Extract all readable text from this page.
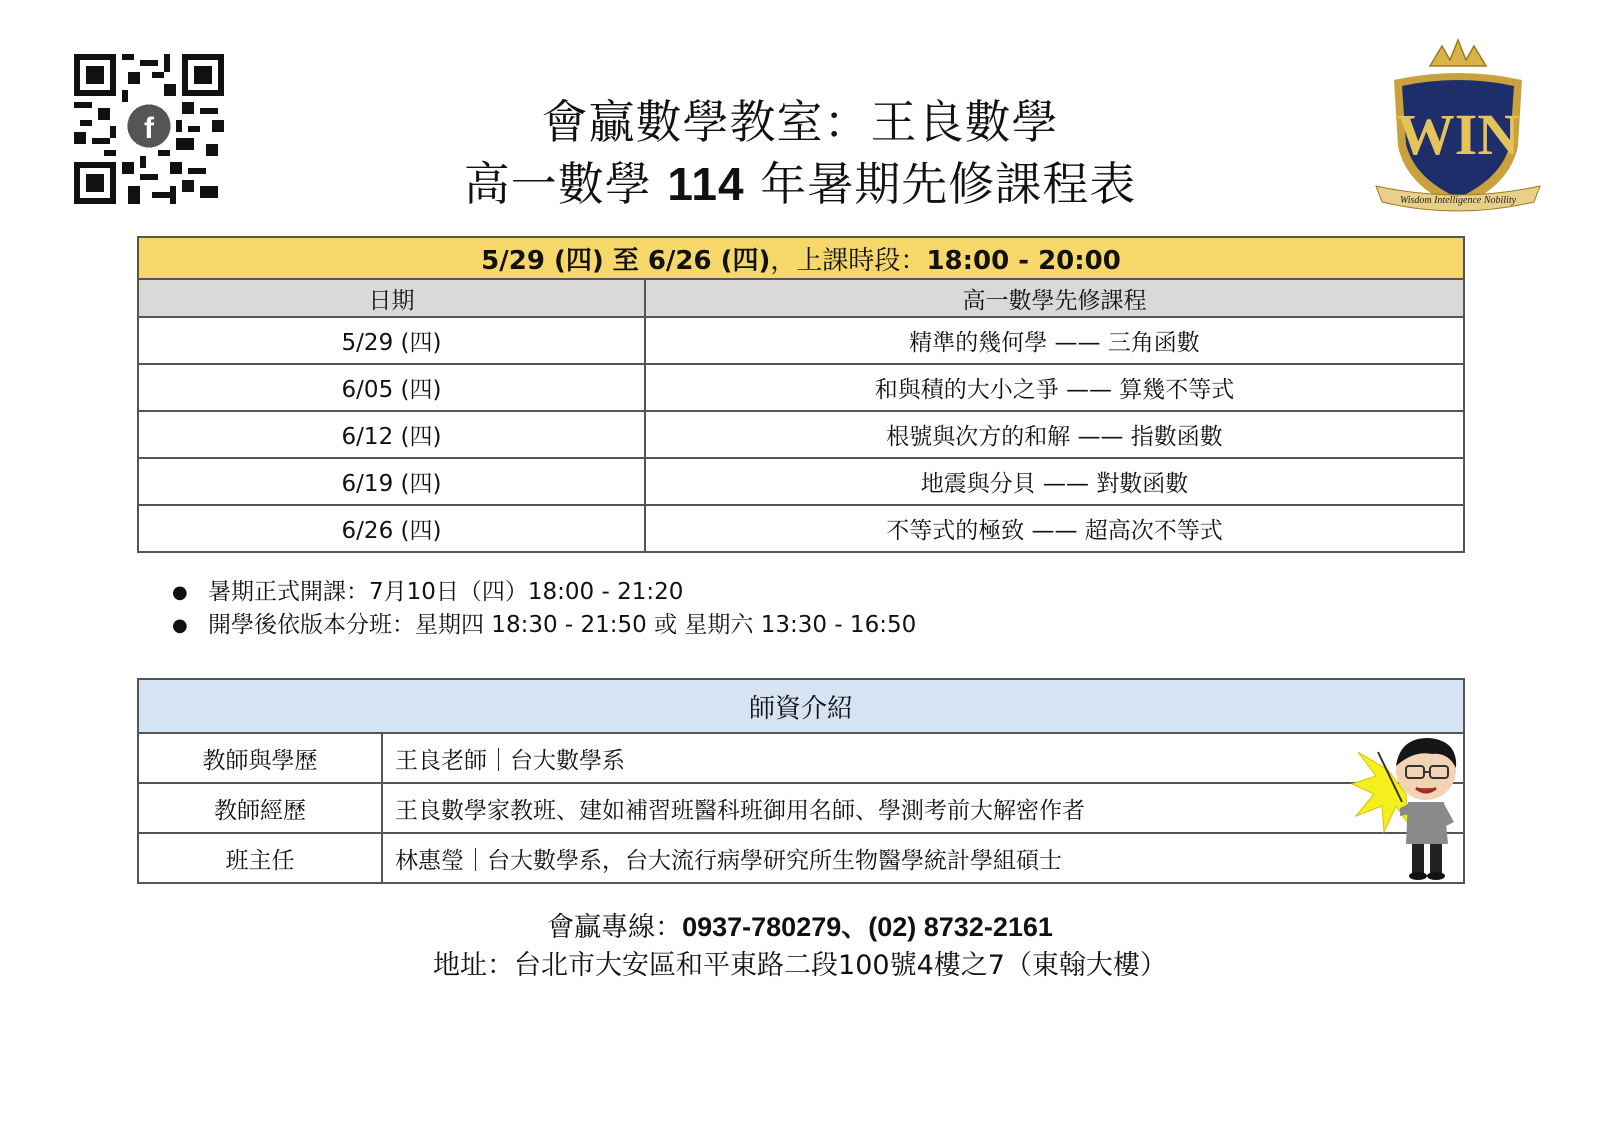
f	WIN
Wisdom Intelligence Nobility
會贏數學教室：王良數學
高一數學 114 年暑期先修課程表
5/29 (四) 至 6/26 (四)，上課時段：18:00 - 20:00	
日期	高一數學先修課程
5/29 (四)	精準的幾何學 —— 三角函數
6/05 (四)	和與積的大小之爭 —— 算幾不等式
6/12 (四)	根號與次方的和解 —— 指數函數
6/19 (四)	地震與分貝 —— 對數函數
6/26 (四)	不等式的極致 —— 超高次不等式
● 暑期正式開課：7月10日（四）18:00 - 21:20
● 開學後依版本分班：星期四 18:30 - 21:50 或 星期六 13:30 - 16:50
師資介紹	
教師與學歷	王良老師｜台大數學系
教師經歷	王良數學家教班、建如補習班醫科班御用名師、學測考前大解密作者
班主任	林惠瑩｜台大數學系，台大流行病學研究所生物醫學統計學組碩士
會贏專線：0937-780279、(02) 8732-2161
地址：台北市大安區和平東路二段100號4樓之7（東翰大樓）
